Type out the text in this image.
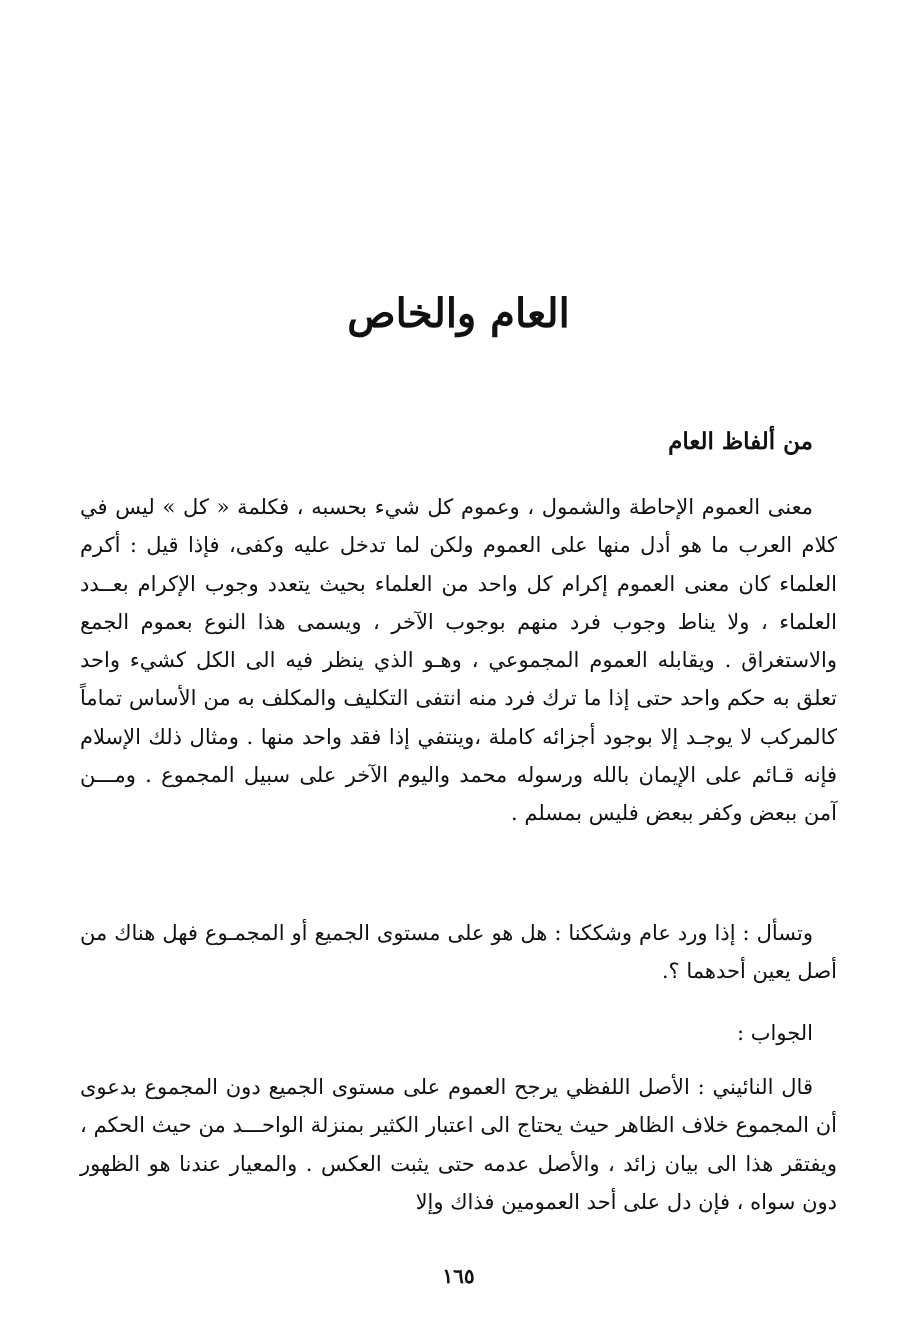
العام والخاص
من ألفاظ العام

معنى العموم الإحاطة والشمول ، وعموم كل شيء بحسبه ، فكلمة « كل » ليس في كلام العرب ما هو أدل منها على العموم ولكن لما تدخل عليه وكفى، فإذا قيل : أكرم العلماء كان معنى العموم إكرام كل واحد من العلماء بحيث يتعدد وجوب الإكرام بعــدد العلماء ، ولا يناط وجوب فرد منهم بوجوب الآخر ، ويسمى هذا النوع بعموم الجمع والاستغراق . ويقابله العموم المجموعي ، وهـو الذي ينظر فيه الى الكل كشيء واحد تعلق به حكم واحد حتى إذا ما ترك فرد منه انتفى التكليف والمكلف به من الأساس تماماً كالمركب لا يوجـد إلا بوجود أجزائه كاملة ،وينتفي إذا فقد واحد منها . ومثال ذلك الإسلام فإنه قـائم على الإيمان بالله ورسوله محمد واليوم الآخر على سبيل المجموع . ومـــن آمن ببعض وكفر ببعض فليس بمسلم .

وتسأل : إذا ورد عام وشككنا : هل هو على مستوى الجميع أو المجمـوع فهل هناك من أصل يعين أحدهما ؟.

الجواب :

قال النائيني : الأصل اللفظي يرجح العموم على مستوى الجميع دون المجموع بدعوى أن المجموع خلاف الظاهر حيث يحتاج الى اعتبار الكثير بمنزلة الواحـــد من حيث الحكم ، ويفتقر هذا الى بيان زائد ، والأصل عدمه حتى يثبت العكس . والمعيار عندنا هو الظهور دون سواه ، فإن دل على أحد العمومين فذاك وإلا

١٦٥
